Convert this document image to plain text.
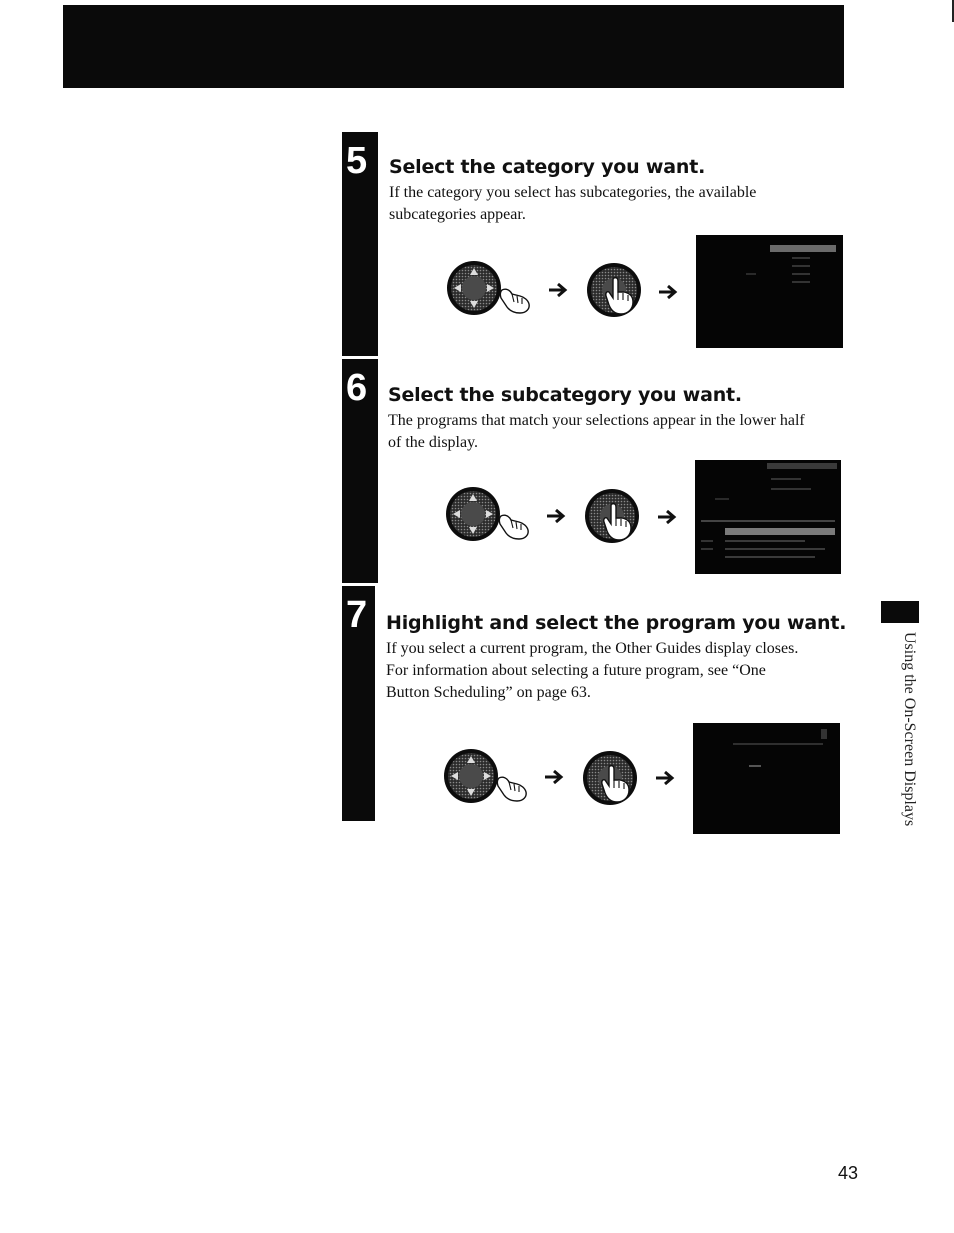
5 Select the category you want.

If the category you select has subcategories, the available
subcategories appear.

6 Select the subcategory you want.

The programs that match your selections appear in the lower half
of the display.

7 Highlight and select the program you want.

If you select a current program, the Other Guides display closes.
For information about selecting a future program, see “One
Button Scheduling” on page 63.	Using the On-Screen Displays
43
